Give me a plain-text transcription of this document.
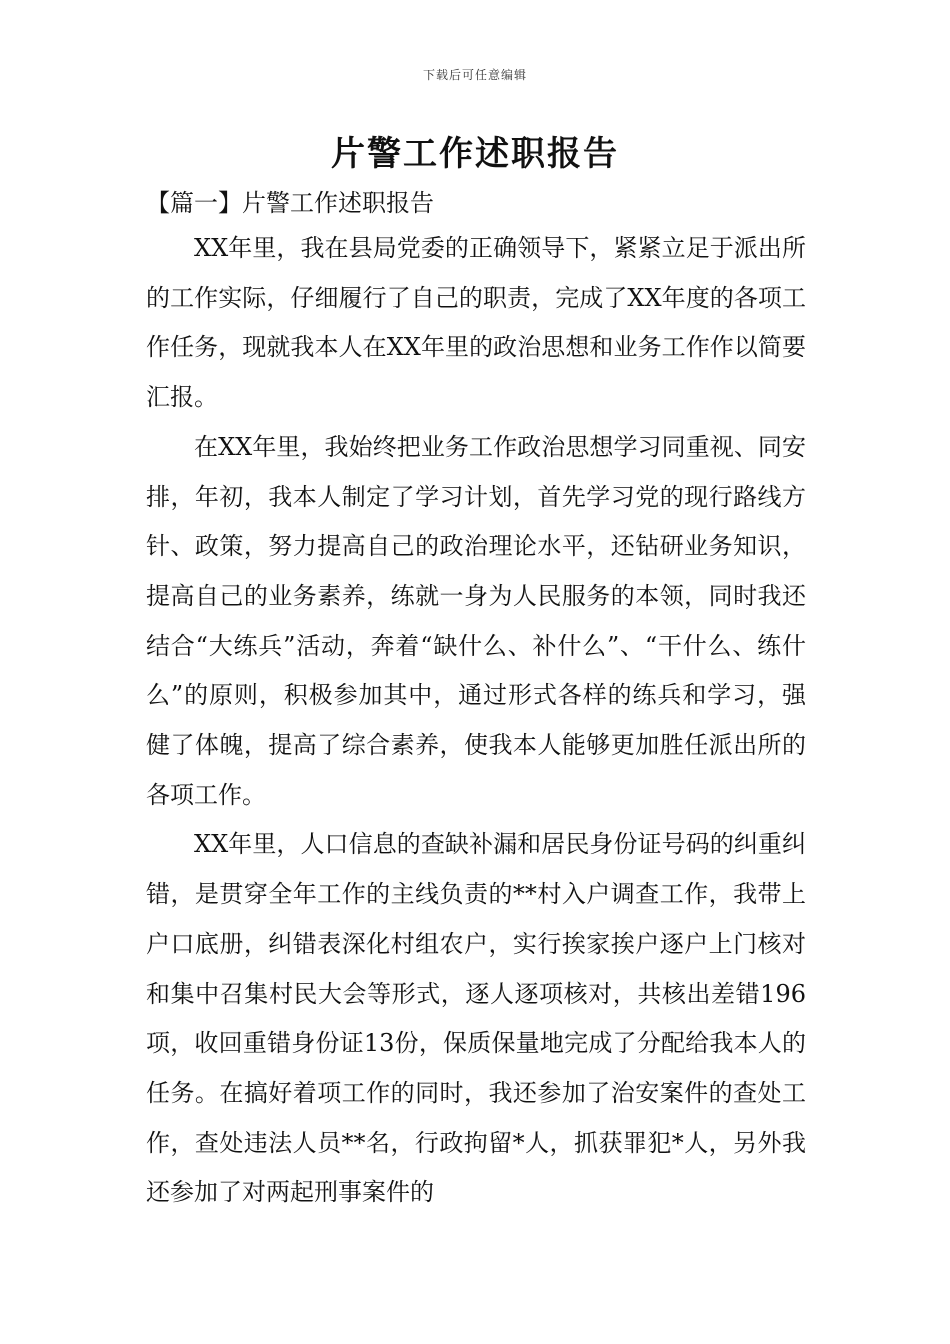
下载后可任意编辑
片警工作述职报告
【篇一】片警工作述职报告

XX年里，我在县局党委的正确领导下，紧紧立足于派出所的工作实际，仔细履行了自己的职责，完成了XX年度的各项工作任务，现就我本人在XX年里的政治思想和业务工作作以简要汇报。

在XX年里，我始终把业务工作政治思想学习同重视、同安排，年初，我本人制定了学习计划，首先学习党的现行路线方针、政策，努力提高自己的政治理论水平，还钻研业务知识，提高自己的业务素养，练就一身为人民服务的本领，同时我还结合“大练兵”活动，奔着“缺什么、补什么”、“干什么、练什么”的原则，积极参加其中，通过形式各样的练兵和学习，强健了体魄，提高了综合素养，使我本人能够更加胜任派出所的各项工作。

XX年里，人口信息的查缺补漏和居民身份证号码的纠重纠错，是贯穿全年工作的主线负责的**村入户调查工作，我带上户口底册，纠错表深化村组农户，实行挨家挨户逐户上门核对和集中召集村民大会等形式，逐人逐项核对，共核出差错196项，收回重错身份证13份，保质保量地完成了分配给我本人的任务。在搞好着项工作的同时，我还参加了治安案件的查处工作，查处违法人员**名，行政拘留*人，抓获罪犯*人，另外我还参加了对两起刑事案件的
